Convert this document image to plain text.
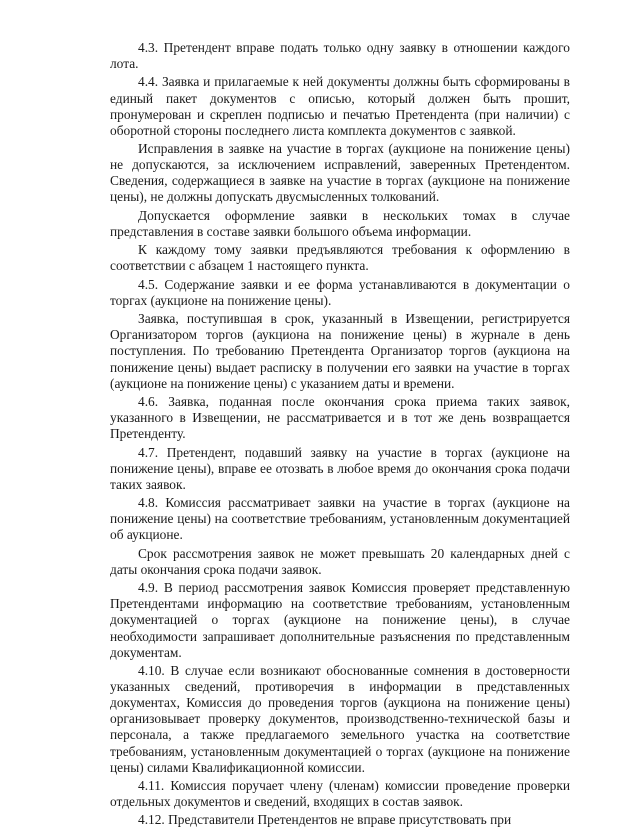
4.3. Претендент вправе подать только одну заявку в отношении каждого лота.

4.4. Заявка и прилагаемые к ней документы должны быть сформированы в единый пакет документов с описью, который должен быть прошит, пронумерован и скреплен подписью и печатью Претендента (при наличии) с оборотной стороны последнего листа комплекта документов с заявкой.

Исправления в заявке на участие в торгах (аукционе на понижение цены) не допускаются, за исключением исправлений, заверенных Претендентом. Сведения, содержащиеся в заявке на участие в торгах (аукционе на понижение цены), не должны допускать двусмысленных толкований.

Допускается оформление заявки в нескольких томах в случае представления в составе заявки большого объема информации.

К каждому тому заявки предъявляются требования к оформлению в соответствии с абзацем 1 настоящего пункта.

4.5. Содержание заявки и ее форма устанавливаются в документации о торгах (аукционе на понижение цены).

Заявка, поступившая в срок, указанный в Извещении, регистрируется Организатором торгов (аукциона на понижение цены) в журнале в день поступления. По требованию Претендента Организатор торгов (аукциона на понижение цены) выдает расписку в получении его заявки на участие в торгах (аукционе на понижение цены) с указанием даты и времени.

4.6. Заявка, поданная после окончания срока приема таких заявок, указанного в Извещении, не рассматривается и в тот же день возвращается Претенденту.

4.7. Претендент, подавший заявку на участие в торгах (аукционе на понижение цены), вправе ее отозвать в любое время до окончания срока подачи таких заявок.

4.8. Комиссия рассматривает заявки на участие в торгах (аукционе на понижение цены) на соответствие требованиям, установленным документацией об аукционе.

Срок рассмотрения заявок не может превышать 20 календарных дней с даты окончания срока подачи заявок.

4.9. В период рассмотрения заявок Комиссия проверяет представленную Претендентами информацию на соответствие требованиям, установленным документацией о торгах (аукционе на понижение цены), в случае необходимости запрашивает дополнительные разъяснения по представленным документам.

4.10. В случае если возникают обоснованные сомнения в достоверности указанных сведений, противоречия в информации в представленных документах, Комиссия до проведения торгов (аукциона на понижение цены) организовывает проверку документов, производственно-технической базы и персонала, а также предлагаемого земельного участка на соответствие требованиям, установленным документацией о торгах (аукционе на понижение цены) силами Квалификационной комиссии.

4.11. Комиссия поручает члену (членам) комиссии проведение проверки отдельных документов и сведений, входящих в состав заявок.

4.12. Представители Претендентов не вправе присутствовать при
